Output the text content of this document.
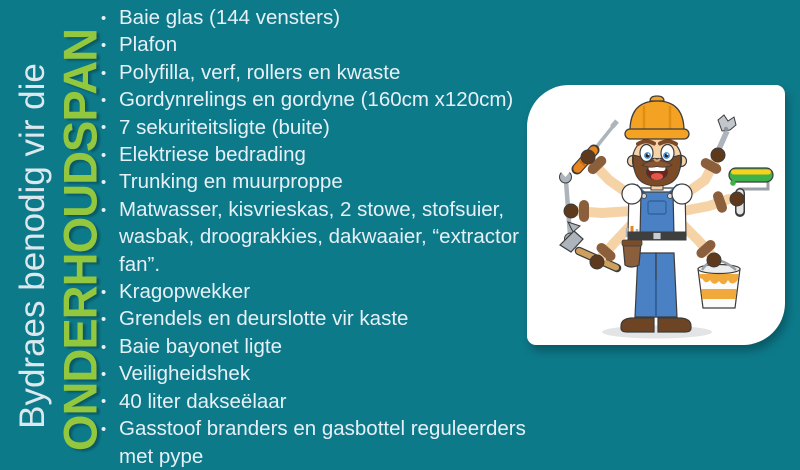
Bydraes benodig vir die ONDERHOUDSPAN
• Baie glas (144 vensters)
• Plafon
• Polyfilla, verf, rollers en kwaste
• Gordynrelings en gordyne (160cm x120cm)
• 7 sekuriteitsligte (buite)
• Elektriese bedrading
• Trunking en muurproppe
• Matwasser, kisvrieskas, 2 stowe, stofsuier, wasbak, droograkkies, dakwaaier, “extractor fan”.
• Kragopwekker
• Grendels en deurslotte vir kaste
• Baie bayonet ligte
• Veiligheidshek
• 40 liter dakseëlaar
• Gasstoof branders en gasbottel reguleerders met pype
